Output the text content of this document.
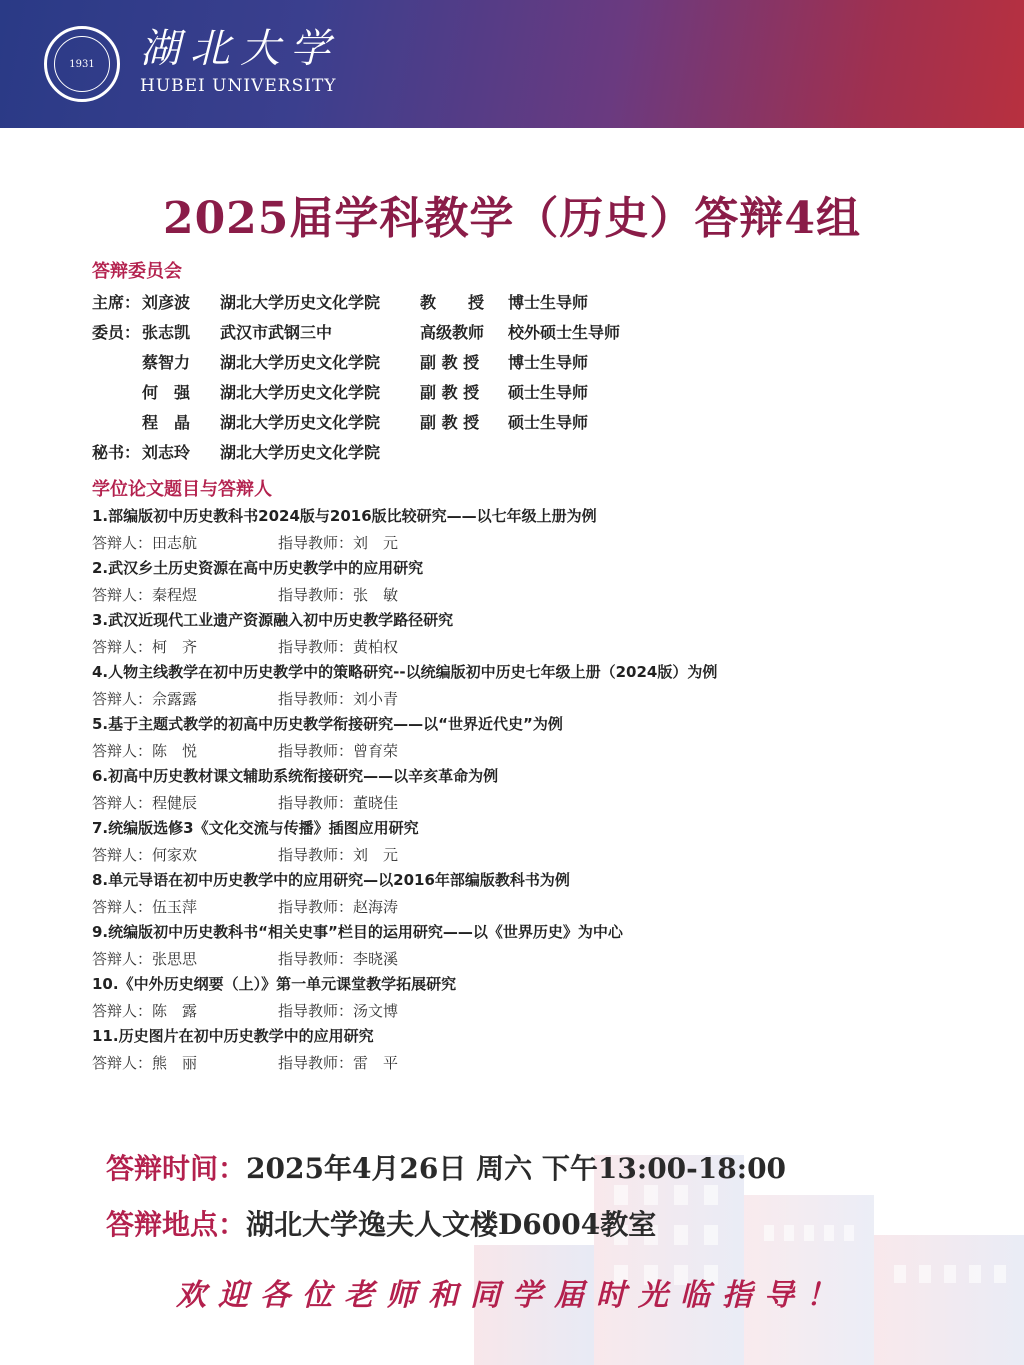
1931	湖北大学
HUBEI UNIVERSITY
2025届学科教学（历史）答辩4组
答辩委员会
主席： 刘彦波 湖北大学历史文化学院 教　　授 博士生导师
委员： 张志凯 武汉市武钢三中	高级教师 校外硕士生导师
蔡智力 湖北大学历史文化学院 副 教 授 博士生导师
何　强 湖北大学历史文化学院 副 教 授 硕士生导师
程　晶 湖北大学历史文化学院 副 教 授 硕士生导师
秘书： 刘志玲 湖北大学历史文化学院
学位论文题目与答辩人
1.部编版初中历史教科书2024版与2016版比较研究——以七年级上册为例
答辩人：田志航	指导教师：刘　元
2.武汉乡土历史资源在高中历史教学中的应用研究
答辩人：秦程煜	指导教师：张　敏
3.武汉近现代工业遗产资源融入初中历史教学路径研究
答辩人：柯　齐	指导教师：黄柏权
4.人物主线教学在初中历史教学中的策略研究--以统编版初中历史七年级上册（2024版）为例
答辩人：佘露露	指导教师：刘小青
5.基于主题式教学的初高中历史教学衔接研究——以“世界近代史”为例
答辩人：陈　悦	指导教师：曾育荣
6.初高中历史教材课文辅助系统衔接研究——以辛亥革命为例
答辩人：程健辰	指导教师：董晓佳
7.统编版选修3《文化交流与传播》插图应用研究
答辩人：何家欢	指导教师：刘　元
8.单元导语在初中历史教学中的应用研究—以2016年部编版教科书为例
答辩人：伍玉萍	指导教师：赵海涛
9.统编版初中历史教科书“相关史事”栏目的运用研究——以《世界历史》为中心
答辩人：张思思	指导教师：李晓溪
10.《中外历史纲要（上）》第一单元课堂教学拓展研究
答辩人：陈　露	指导教师：汤文博
11.历史图片在初中历史教学中的应用研究
答辩人：熊　丽	指导教师：雷　平
答辩时间：2025年4月26日 周六 下午13:00-18:00
答辩地点：湖北大学逸夫人文楼D6004教室
欢迎各位老师和同学届时光临指导！
